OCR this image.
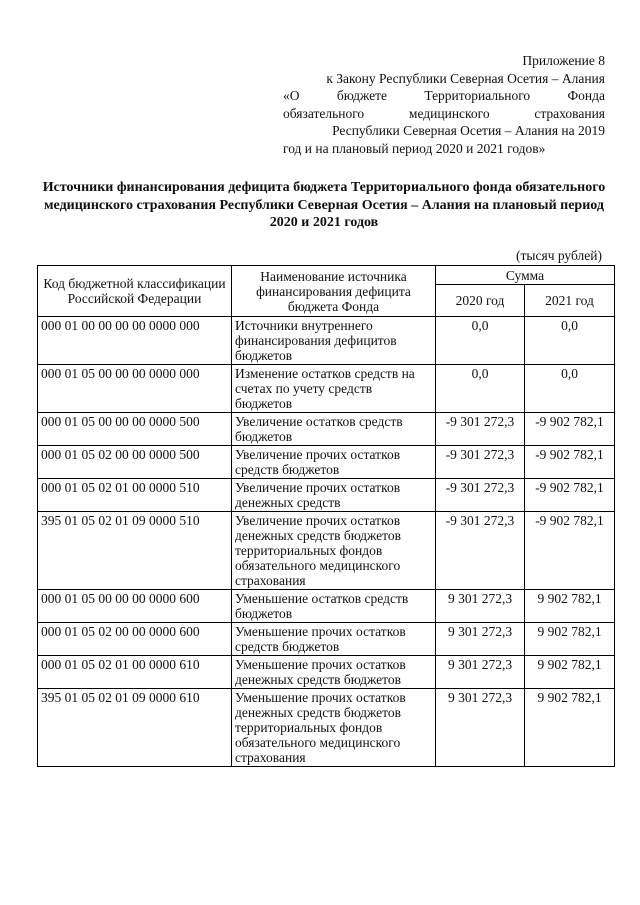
Приложение 8
к Закону Республики Северная Осетия – Алания
«О бюджете Территориального Фонда
обязательного медицинского страхования
Республики Северная Осетия – Алания на 2019
год и на плановый период 2020 и 2021 годов»
Источники финансирования дефицита бюджета Территориального фонда обязательного медицинского страхования Республики Северная Осетия – Алания на плановый период 2020 и 2021 годов
(тысяч рублей)
Код бюджетной классификации Российской Федерации	Наименование источника финансирования дефицита бюджета Фонда	Сумма	
		2020 год	2021 год
000 01 00 00 00 00 0000 000	Источники внутреннего финансирования дефицитов бюджетов	0,0	0,0
000 01 05 00 00 00 0000 000	Изменение остатков средств на счетах по учету средств бюджетов	0,0	0,0
000 01 05 00 00 00 0000 500	Увеличение остатков средств бюджетов	-9 301 272,3	-9 902 782,1
000 01 05 02 00 00 0000 500	Увеличение прочих остатков средств бюджетов	-9 301 272,3	-9 902 782,1
000 01 05 02 01 00 0000 510	Увеличение прочих остатков денежных средств	-9 301 272,3	-9 902 782,1
395 01 05 02 01 09 0000 510	Увеличение прочих остатков денежных средств бюджетов территориальных фондов обязательного медицинского страхования	-9 301 272,3	-9 902 782,1
000 01 05 00 00 00 0000 600	Уменьшение остатков средств бюджетов	9 301 272,3	9 902 782,1
000 01 05 02 00 00 0000 600	Уменьшение прочих остатков средств бюджетов	9 301 272,3	9 902 782,1
000 01 05 02 01 00 0000 610	Уменьшение прочих остатков денежных средств бюджетов	9 301 272,3	9 902 782,1
395 01 05 02 01 09 0000 610	Уменьшение прочих остатков денежных средств бюджетов территориальных фондов обязательного медицинского страхования	9 301 272,3	9 902 782,1
